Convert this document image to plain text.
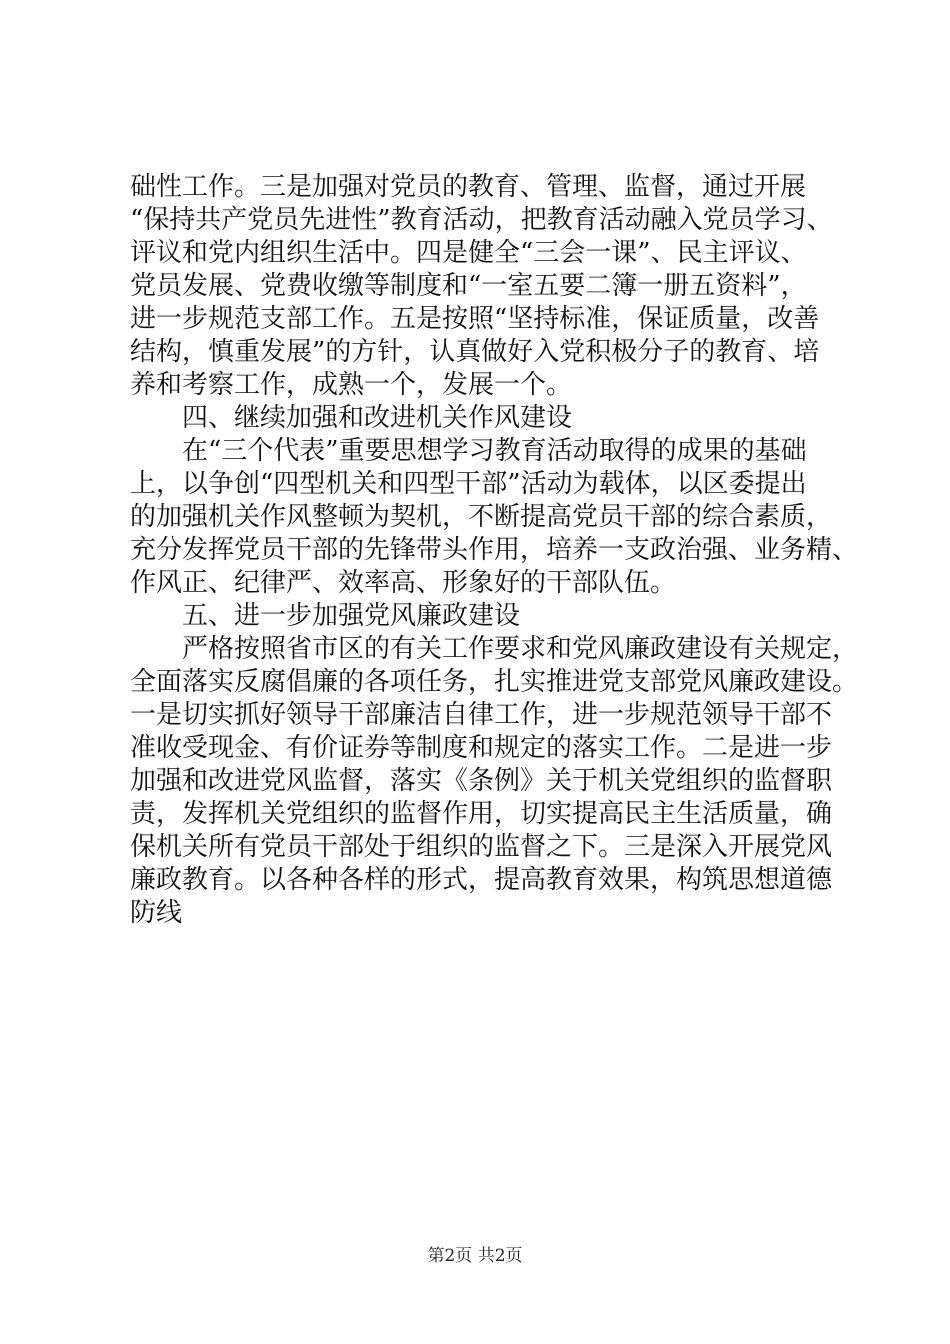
础性工作。三是加强对党员的教育、管理、监督，通过开展
“保持共产党员先进性”教育活动，把教育活动融入党员学习、
评议和党内组织生活中。四是健全“三会一课”、民主评议、
党员发展、党费收缴等制度和“一室五要二簿一册五资料”，
进一步规范支部工作。五是按照“坚持标准，保证质量，改善
结构，慎重发展”的方针，认真做好入党积极分子的教育、培
养和考察工作，成熟一个，发展一个。
　　四、继续加强和改进机关作风建设
　　在“三个代表”重要思想学习教育活动取得的成果的基础
上，以争创“四型机关和四型干部”活动为载体，以区委提出
的加强机关作风整顿为契机，不断提高党员干部的综合素质，
充分发挥党员干部的先锋带头作用，培养一支政治强、业务精、
作风正、纪律严、效率高、形象好的干部队伍。
　　五、进一步加强党风廉政建设
　　严格按照省市区的有关工作要求和党风廉政建设有关规定，
全面落实反腐倡廉的各项任务，扎实推进党支部党风廉政建设。
一是切实抓好领导干部廉洁自律工作，进一步规范领导干部不
准收受现金、有价证券等制度和规定的落实工作。二是进一步
加强和改进党风监督，落实《条例》关于机关党组织的监督职
责，发挥机关党组织的监督作用，切实提高民主生活质量，确
保机关所有党员干部处于组织的监督之下。三是深入开展党风
廉政教育。以各种各样的形式，提高教育效果，构筑思想道德
防线
第2页 共2页
